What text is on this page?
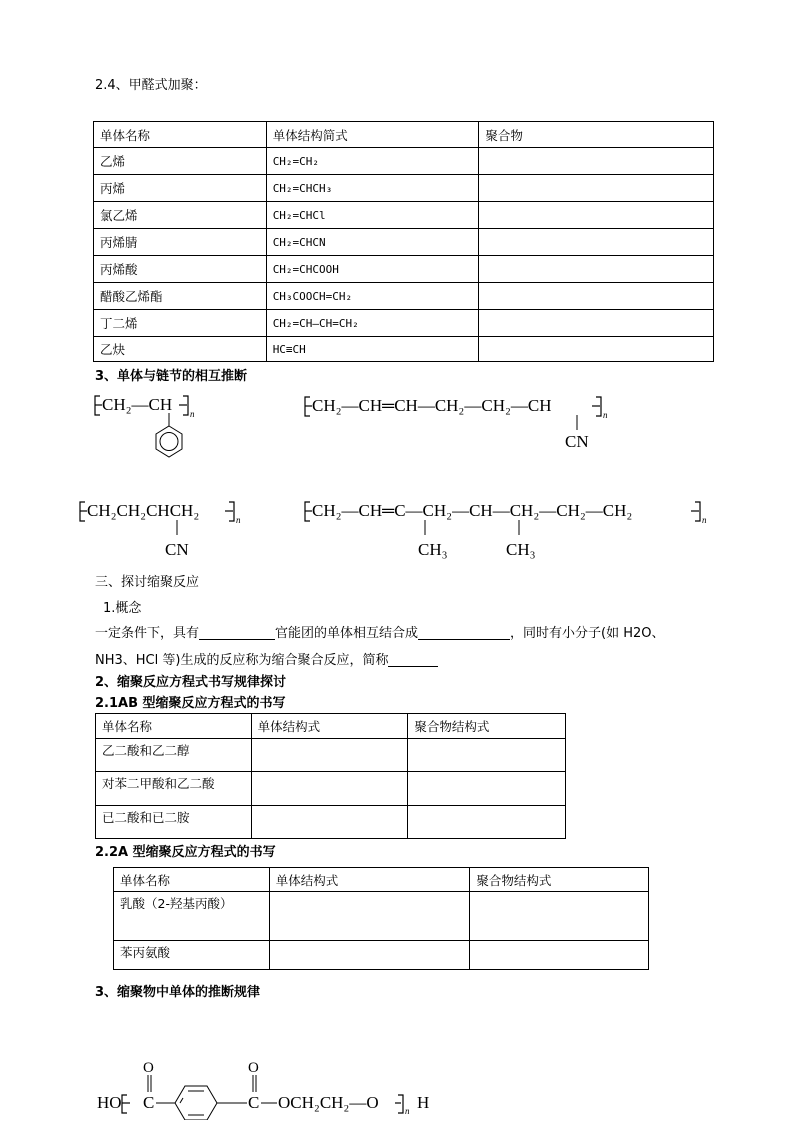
2.4、甲醛式加聚：
单体名称	单体结构简式	聚合物
乙烯	CH₂=CH₂	
丙烯	CH₂=CHCH₃	
氯乙烯	CH₂=CHCl	
丙烯腈	CH₂=CHCN	
丙烯酸	CH₂=CHCOOH	
醋酸乙烯酯	CH₃COOCH=CH₂	
丁二烯	CH₂=CH—CH=CH₂	
乙炔	HC≡CH	
3、单体与链节的相互推断
CH₂—CH n	CH₂—CH═CH—CH₂—CH₂—CH	n
CN
CH₂CH₂CHCH₂	n
CN
CH₂—CH═C—CH₂—CH—CH₂—CH₂—CH₂	n
CH₃	CH₃
三、探讨缩聚反应
1.概念
一定条件下，具有	官能团的单体相互结合成	，同时有小分子(如 H2O、
NH3、HCl 等)生成的反应称为缩合聚合反应，简称
2、缩聚反应方程式书写规律探讨
2.1AB 型缩聚反应方程式的书写
单体名称	单体结构式	聚合物结构式
乙二酸和乙二醇		
对苯二甲酸和乙二酸		
已二酸和已二胺		
2.2A 型缩聚反应方程式的书写
单体名称	单体结构式	聚合物结构式
乳酸（2-羟基丙酸）		
苯丙氨酸		
3、缩聚物中单体的推断规律
HO
O
C
O
C OCH₂CH₂—O	n H
